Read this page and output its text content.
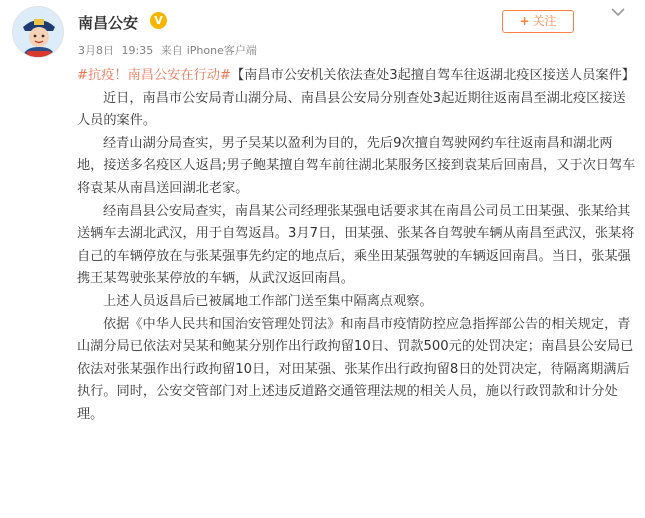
南昌公安	V
3月8日 19:35 来自 iPhone客户端
+ 关注

#抗疫！南昌公安在行动#【南昌市公安机关依法查处3起擅自驾车往返湖北疫区接送人员案件】

近日，南昌市公安局青山湖分局、南昌县公安局分别查处3起近期往返南昌至湖北疫区接送人员的案件。

经青山湖分局查实，男子吴某以盈利为目的，先后9次擅自驾驶网约车往返南昌和湖北两地，接送多名疫区人返昌;男子鲍某擅自驾车前往湖北某服务区接到袁某后回南昌，又于次日驾车将袁某从南昌送回湖北老家。

经南昌县公安局查实，南昌某公司经理张某强电话要求其在南昌公司员工田某强、张某给其送辆车去湖北武汉，用于自驾返昌。3月7日，田某强、张某各自驾驶车辆从南昌至武汉，张某将自己的车辆停放在与张某强事先约定的地点后，乘坐田某强驾驶的车辆返回南昌。当日，张某强携王某驾驶张某停放的车辆，从武汉返回南昌。

上述人员返昌后已被属地工作部门送至集中隔离点观察。

依据《中华人民共和国治安管理处罚法》和南昌市疫情防控应急指挥部公告的相关规定，青山湖分局已依法对吴某和鲍某分别作出行政拘留10日、罚款500元的处罚决定；南昌县公安局已依法对张某强作出行政拘留10日，对田某强、张某作出行政拘留8日的处罚决定，待隔离期满后执行。同时，公安交管部门对上述违反道路交通管理法规的相关人员，施以行政罚款和计分处理。
